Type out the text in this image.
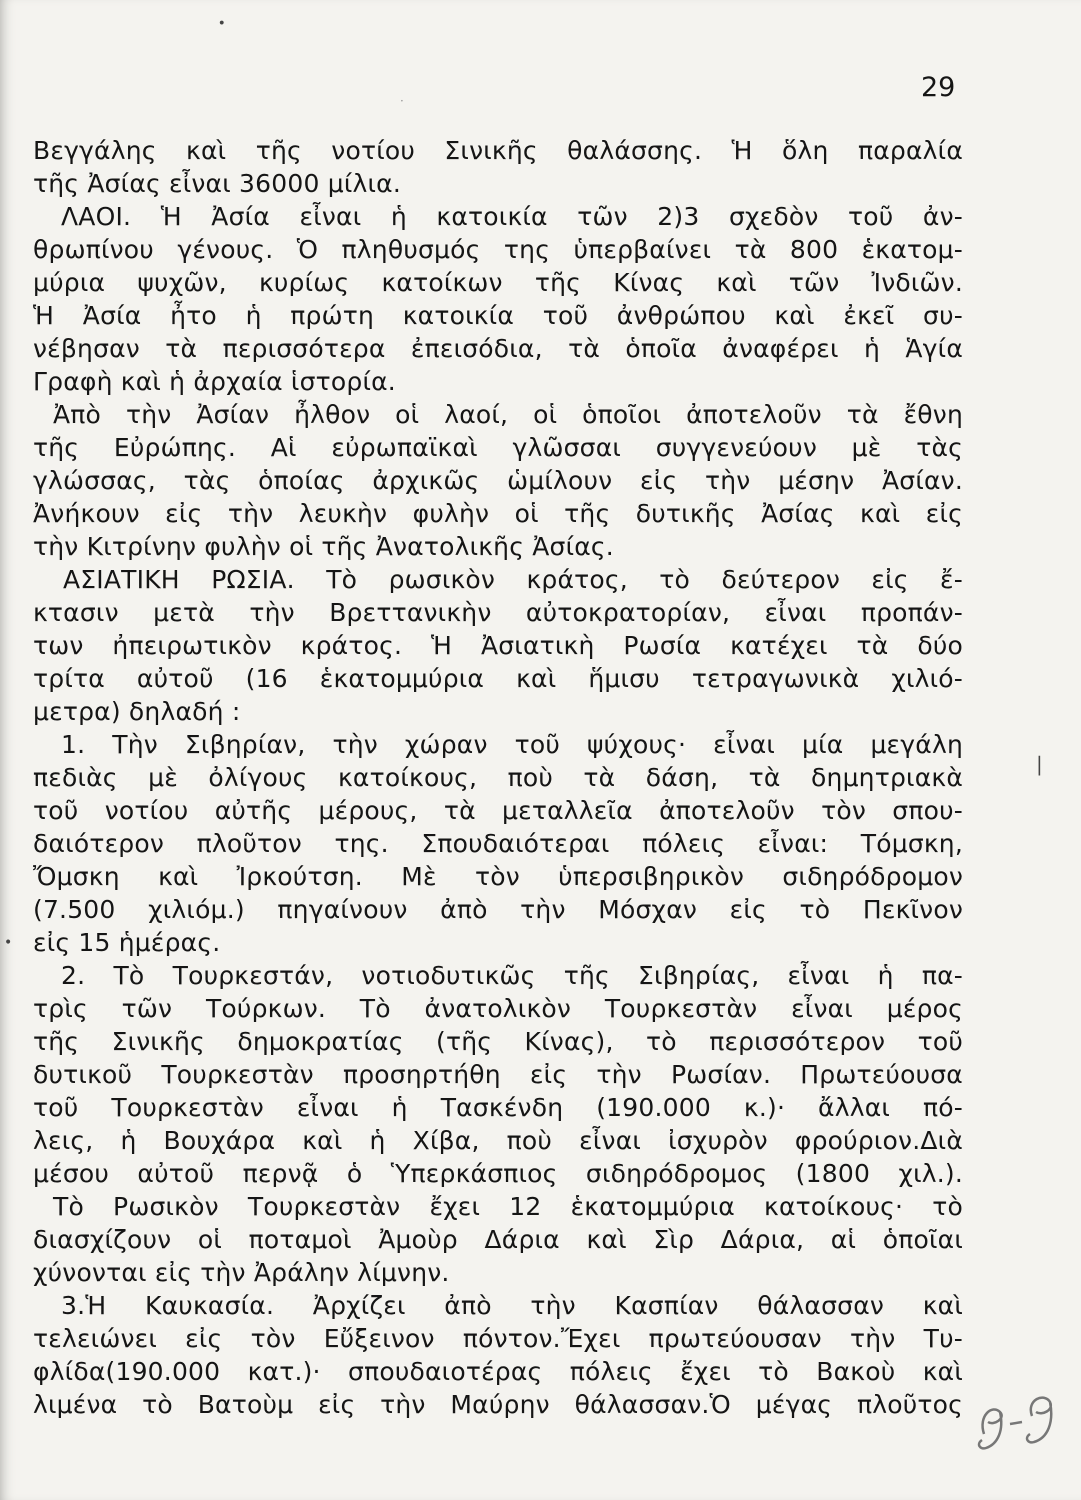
·
·
|
•
29
Βεγγάλης καὶ τῆς νοτίου Σινικῆς θαλάσσης. Ἡ ὅλη παραλία
τῆς Ἀσίας εἶναι 36000 μίλια.
ΛΑΟΙ. Ἡ Ἀσία εἶναι ἡ κατοικία τῶν 2)3 σχεδὸν τοῦ ἀν-
θρωπίνου γένους. Ὁ πληθυσμός της ὑπερβαίνει τὰ 800 ἑκατομ-
μύρια ψυχῶν, κυρίως κατοίκων τῆς Κίνας καὶ τῶν Ἰνδιῶν.
Ἡ Ἀσία ἦτο ἡ πρώτη κατοικία τοῦ ἀνθρώπου καὶ ἐκεῖ συ-
νέβησαν τὰ περισσότερα ἐπεισόδια, τὰ ὁποῖα ἀναφέρει ἡ Ἁγία
Γραφὴ καὶ ἡ ἀρχαία ἱστορία.
Ἀπὸ τὴν Ἀσίαν ἦλθον οἱ λαοί, οἱ ὁποῖοι ἀποτελοῦν τὰ ἔθνη
τῆς Εὐρώπης. Αἱ εὐρωπαϊκαὶ γλῶσσαι συγγενεύουν μὲ τὰς
γλώσσας, τὰς ὁποίας ἀρχικῶς ὡμίλουν εἰς τὴν μέσην Ἀσίαν.
Ἀνήκουν εἰς τὴν λευκὴν φυλὴν οἱ τῆς δυτικῆς Ἀσίας καὶ εἰς
τὴν Κιτρίνην φυλὴν οἱ τῆς Ἀνατολικῆς Ἀσίας.
ΑΣΙΑΤΙΚΗ ΡΩΣΙΑ. Τὸ ρωσικὸν κράτος, τὸ δεύτερον εἰς ἔ-
κτασιν μετὰ τὴν Βρεττανικὴν αὐτοκρατορίαν, εἶναι προπάν-
των ἠπειρωτικὸν κράτος. Ἡ Ἀσιατικὴ Ρωσία κατέχει τὰ δύο
τρίτα αὐτοῦ (16 ἑκατομμύρια καὶ ἥμισυ τετραγωνικὰ χιλιό-
μετρα) δηλαδή :
1. Τὴν Σιβηρίαν, τὴν χώραν τοῦ ψύχους· εἶναι μία μεγάλη
πεδιὰς μὲ ὀλίγους κατοίκους, ποὺ τὰ δάση, τὰ δημητριακὰ
τοῦ νοτίου αὐτῆς μέρους, τὰ μεταλλεῖα ἀποτελοῦν τὸν σπου-
δαιότερον πλοῦτον της. Σπουδαιότεραι πόλεις εἶναι: Τόμσκη,
Ὄμσκη καὶ Ἰρκούτση. Μὲ τὸν ὑπερσιβηρικὸν σιδηρόδρομον
(7.500 χιλιόμ.) πηγαίνουν ἀπὸ τὴν Μόσχαν εἰς τὸ Πεκῖνον
εἰς 15 ἡμέρας.
2. Τὸ Τουρκεστάν, νοτιοδυτικῶς τῆς Σιβηρίας, εἶναι ἡ πα-
τρὶς τῶν Τούρκων. Τὸ ἀνατολικὸν Τουρκεστὰν εἶναι μέρος
τῆς Σινικῆς δημοκρατίας (τῆς Κίνας), τὸ περισσότερον τοῦ
δυτικοῦ Τουρκεστὰν προσηρτήθη εἰς τὴν Ρωσίαν. Πρωτεύουσα
τοῦ Τουρκεστὰν εἶναι ἡ Τασκένδη (190.000 κ.)· ἄλλαι πό-
λεις, ἡ Βουχάρα καὶ ἡ Χίβα, ποὺ εἶναι ἰσχυρὸν φρούριον.Διὰ
μέσου αὐτοῦ περνᾷ ὁ Ὑπερκάσπιος σιδηρόδρομος (1800 χιλ.).
Τὸ Ρωσικὸν Τουρκεστὰν ἔχει 12 ἑκατομμύρια κατοίκους· τὸ
διασχίζουν οἱ ποταμοὶ Ἀμοὺρ Δάρια καὶ Σὶρ Δάρια, αἱ ὁποῖαι
χύνονται εἰς τὴν Ἀράλην λίμνην.
3.Ἡ Καυκασία. Ἀρχίζει ἀπὸ τὴν Κασπίαν θάλασσαν καὶ
τελειώνει εἰς τὸν Εὔξεινον πόντον.Ἔχει πρωτεύουσαν τὴν Τυ-
φλίδα(190.000 κατ.)· σπουδαιοτέρας πόλεις ἔχει τὸ Βακοὺ καὶ
λιμένα τὸ Βατοὺμ εἰς τὴν Μαύρην θάλασσαν.Ὁ μέγας πλοῦτος
